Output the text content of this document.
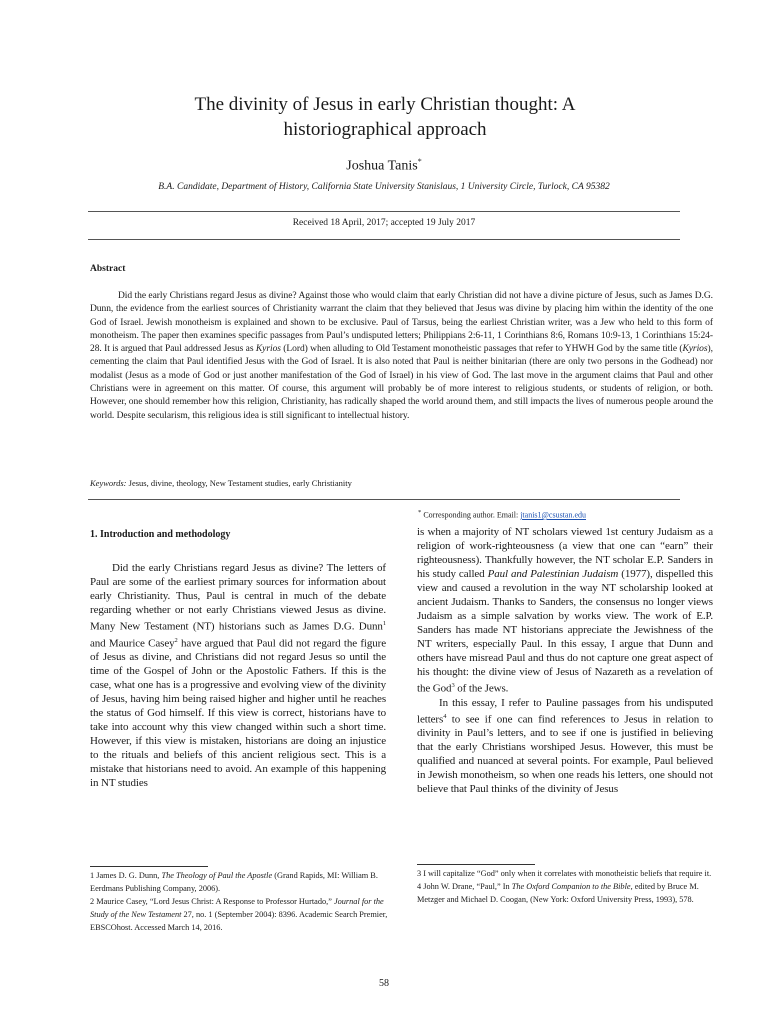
The divinity of Jesus in early Christian thought: A historiographical approach
Joshua Tanis*
B.A. Candidate, Department of History, California State University Stanislaus, 1 University Circle, Turlock, CA 95382
Received 18 April, 2017; accepted 19 July 2017
Abstract
Did the early Christians regard Jesus as divine? Against those who would claim that early Christian did not have a divine picture of Jesus, such as James D.G. Dunn, the evidence from the earliest sources of Christianity warrant the claim that they believed that Jesus was divine by placing him within the identity of the one God of Israel. Jewish monotheism is explained and shown to be exclusive. Paul of Tarsus, being the earliest Christian writer, was a Jew who held to this form of monotheism. The paper then examines specific passages from Paul’s undisputed letters; Philippians 2:6-11, 1 Corinthians 8:6, Romans 10:9-13, 1 Corinthians 15:24-28. It is argued that Paul addressed Jesus as Kyrios (Lord) when alluding to Old Testament monotheistic passages that refer to YHWH God by the same title (Kyrios), cementing the claim that Paul identified Jesus with the God of Israel. It is also noted that Paul is neither binitarian (there are only two persons in the Godhead) nor modalist (Jesus as a mode of God or just another manifestation of the God of Israel) in his view of God. The last move in the argument claims that Paul and other Christians were in agreement on this matter. Of course, this argument will probably be of more interest to religious students, or students of religion, or both. However, one should remember how this religion, Christianity, has radically shaped the world around them, and still impacts the lives of numerous people around the world. Despite secularism, this religious idea is still significant to intellectual history.
Keywords: Jesus, divine, theology, New Testament studies, early Christianity
* Corresponding author. Email: jtanis1@csustan.edu
1. Introduction and methodology

Did the early Christians regard Jesus as divine? The letters of Paul are some of the earliest primary sources for information about early Christianity. Thus, Paul is central in much of the debate regarding whether or not early Christians viewed Jesus as divine. Many New Testament (NT) historians such as James D.G. Dunn$^1$ and Maurice Casey$^2$ have argued that Paul did not regard the figure of Jesus as divine, and Christians did not regard Jesus so until the time of the Gospel of John or the Apostolic Fathers. If this is the case, what one has is a progressive and evolving view of the divinity of Jesus, having him being raised higher and higher until he reaches the status of God himself. If this view is correct, historians have to take into account why this view changed within such a short time. However, if this view is mistaken, historians are doing an injustice to the rituals and beliefs of this ancient religious sect. This is a mistake that historians need to avoid. An example of this happening in NT studies

is when a majority of NT scholars viewed 1st century Judaism as a religion of work-righteousness (a view that one can “earn” their righteousness). Thankfully however, the NT scholar E.P. Sanders in his study called Paul and Palestinian Judaism (1977), dispelled this view and caused a revolution in the way NT scholarship looked at ancient Judaism. Thanks to Sanders, the consensus no longer views Judaism as a simple salvation by works view. The work of E.P. Sanders has made NT historians appreciate the Jewishness of the NT writers, especially Paul. In this essay, I argue that Dunn and others have misread Paul and thus do not capture one great aspect of his thought: the divine view of Jesus of Nazareth as a revelation of the God$^3$ of the Jews.

In this essay, I refer to Pauline passages from his undisputed letters$^4$ to see if one can find references to Jesus in relation to divinity in Paul’s letters, and to see if one is justified in believing that the early Christians worshiped Jesus. However, this must be qualified and nuanced at several points. For example, Paul believed in Jewish monotheism, so when one reads his letters, one should not believe that Paul thinks of the divinity of Jesus

1 James D. G. Dunn, The Theology of Paul the Apostle (Grand Rapids, MI: William B. Eerdmans Publishing Company, 2006).

2 Maurice Casey, “Lord Jesus Christ: A Response to Professor Hurtado,” Journal for the Study of the New Testament 27, no. 1 (September 2004): 8396. Academic Search Premier, EBSCOhost. Accessed March 14, 2016.

3 I will capitalize “God” only when it correlates with monotheistic beliefs that require it.

4 John W. Drane, “Paul,” In The Oxford Companion to the Bible, edited by Bruce M. Metzger and Michael D. Coogan, (New York: Oxford University Press, 1993), 578.

58
